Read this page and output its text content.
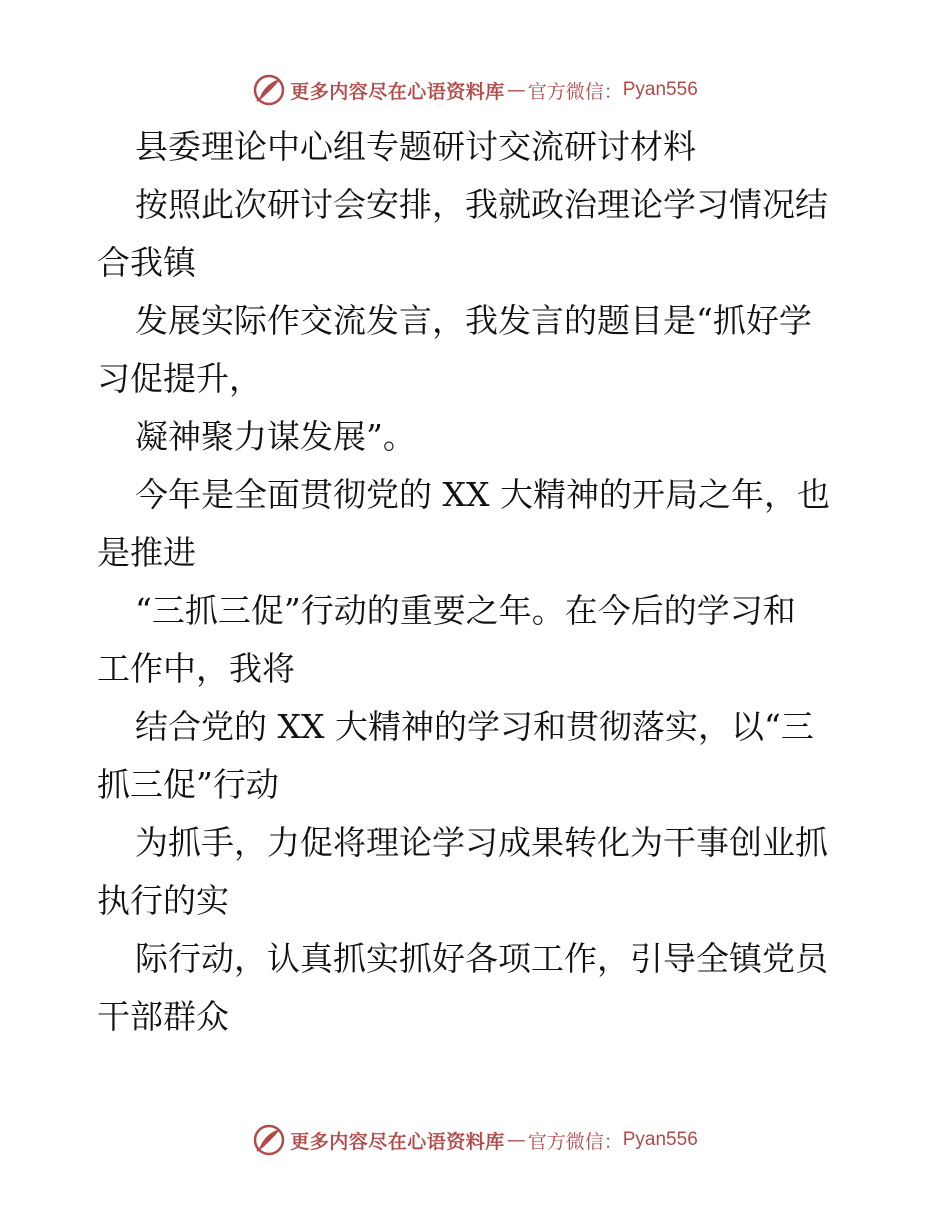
更多内容尽在心语资料库 — 官方微信： Pyan556
县委理论中心组专题研讨交流研讨材料
按照此次研讨会安排，我就政治理论学习情况结
合我镇
发展实际作交流发言，我发言的题目是“抓好学
习促提升，
凝神聚力谋发展”。
今年是全面贯彻党的 XX 大精神的开局之年，也
是推进
“三抓三促”行动的重要之年。在今后的学习和
工作中，我将
结合党的 XX 大精神的学习和贯彻落实，以“三
抓三促”行动
为抓手，力促将理论学习成果转化为干事创业抓
执行的实
际行动，认真抓实抓好各项工作，引导全镇党员
干部群众
更多内容尽在心语资料库 — 官方微信： Pyan556
